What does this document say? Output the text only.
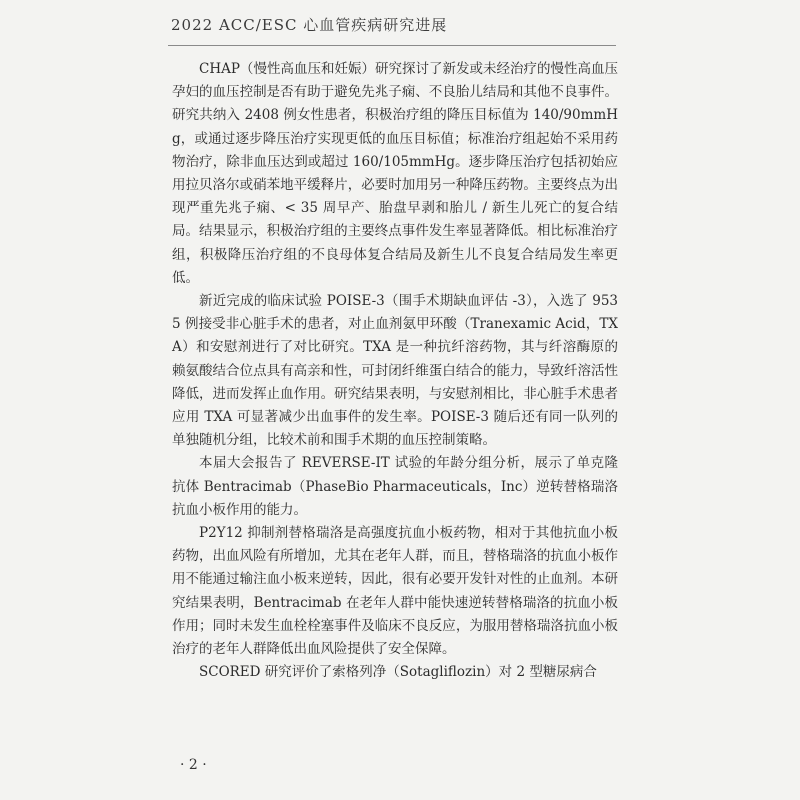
2022 ACC/ESC 心血管疾病研究进展

CHAP（慢性高血压和妊娠）研究探讨了新发或未经治疗的慢性高血压孕妇的血压控制是否有助于避免先兆子痫、不良胎儿结局和其他不良事件。研究共纳入 2408 例女性患者，积极治疗组的降压目标值为 140/90mmHg，或通过逐步降压治疗实现更低的血压目标值；标准治疗组起始不采用药物治疗，除非血压达到或超过 160/105mmHg。逐步降压治疗包括初始应用拉贝洛尔或硝苯地平缓释片，必要时加用另一种降压药物。主要终点为出现严重先兆子痫、< 35 周早产、胎盘早剥和胎儿 / 新生儿死亡的复合结局。结果显示，积极治疗组的主要终点事件发生率显著降低。相比标准治疗组，积极降压治疗组的不良母体复合结局及新生儿不良复合结局发生率更低。

新近完成的临床试验 POISE-3（围手术期缺血评估 -3），入选了 9535 例接受非心脏手术的患者，对止血剂氨甲环酸（Tranexamic Acid，TXA）和安慰剂进行了对比研究。TXA 是一种抗纤溶药物，其与纤溶酶原的赖氨酸结合位点具有高亲和性，可封闭纤维蛋白结合的能力，导致纤溶活性降低，进而发挥止血作用。研究结果表明，与安慰剂相比，非心脏手术患者应用 TXA 可显著减少出血事件的发生率。POISE-3 随后还有同一队列的单独随机分组，比较术前和围手术期的血压控制策略。

本届大会报告了 REVERSE-IT 试验的年龄分组分析，展示了单克隆抗体 Bentracimab（PhaseBio Pharmaceuticals，Inc）逆转替格瑞洛抗血小板作用的能力。

P2Y12 抑制剂替格瑞洛是高强度抗血小板药物，相对于其他抗血小板药物，出血风险有所增加，尤其在老年人群，而且，替格瑞洛的抗血小板作用不能通过输注血小板来逆转，因此，很有必要开发针对性的止血剂。本研究结果表明，Bentracimab 在老年人群中能快速逆转替格瑞洛的抗血小板作用；同时未发生血栓栓塞事件及临床不良反应，为服用替格瑞洛抗血小板治疗的老年人群降低出血风险提供了安全保障。

SCORED 研究评价了索格列净（Sotagliflozin）对 2 型糖尿病合

· 2 ·
